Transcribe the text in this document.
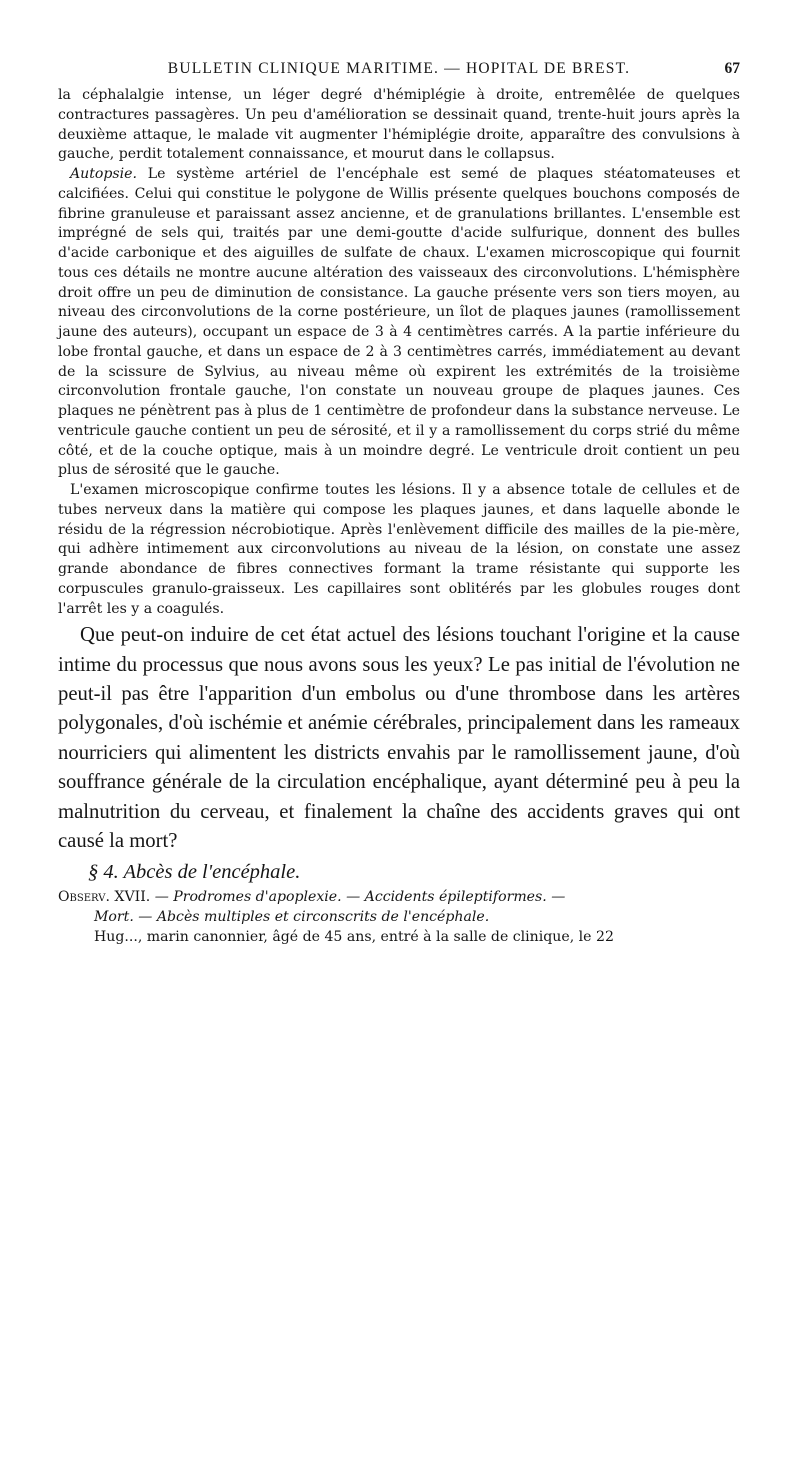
BULLETIN CLINIQUE MARITIME. — HOPITAL DE BREST.	67

la céphalalgie intense, un léger degré d'hémiplégie à droite, entremêlée de quelques contractures passagères. Un peu d'amélioration se dessinait quand, trente-huit jours après la deuxième attaque, le malade vit augmenter l'hémiplégie droite, apparaître des convulsions à gauche, perdit totalement connaissance, et mourut dans le collapsus.

Autopsie. Le système artériel de l'encéphale est semé de plaques stéatomateuses et calcifiées. Celui qui constitue le polygone de Willis présente quelques bouchons composés de fibrine granuleuse et paraissant assez ancienne, et de granulations brillantes. L'ensemble est imprégné de sels qui, traités par une demi-goutte d'acide sulfurique, donnent des bulles d'acide carbonique et des aiguilles de sulfate de chaux. L'examen microscopique qui fournit tous ces détails ne montre aucune altération des vaisseaux des circonvolutions. L'hémisphère droit offre un peu de diminution de consistance. La gauche présente vers son tiers moyen, au niveau des circonvolutions de la corne postérieure, un îlot de plaques jaunes (ramollissement jaune des auteurs), occupant un espace de 3 à 4 centimètres carrés. A la partie inférieure du lobe frontal gauche, et dans un espace de 2 à 3 centimètres carrés, immédiatement au devant de la scissure de Sylvius, au niveau même où expirent les extrémités de la troisième circonvolution frontale gauche, l'on constate un nouveau groupe de plaques jaunes. Ces plaques ne pénètrent pas à plus de 1 centimètre de profondeur dans la substance nerveuse. Le ventricule gauche contient un peu de sérosité, et il y a ramollissement du corps strié du même côté, et de la couche optique, mais à un moindre degré. Le ventricule droit contient un peu plus de sérosité que le gauche.

L'examen microscopique confirme toutes les lésions. Il y a absence totale de cellules et de tubes nerveux dans la matière qui compose les plaques jaunes, et dans laquelle abonde le résidu de la régression nécrobiotique. Après l'enlèvement difficile des mailles de la pie-mère, qui adhère intimement aux circonvolutions au niveau de la lésion, on constate une assez grande abondance de fibres connectives formant la trame résistante qui supporte les corpuscules granulo-graisseux. Les capillaires sont oblitérés par les globules rouges dont l'arrêt les y a coagulés.

Que peut-on induire de cet état actuel des lésions touchant l'origine et la cause intime du processus que nous avons sous les yeux? Le pas initial de l'évolution ne peut-il pas être l'apparition d'un embolus ou d'une thrombose dans les artères polygonales, d'où ischémie et anémie cérébrales, principalement dans les rameaux nourriciers qui alimentent les districts envahis par le ramollissement jaune, d'où souffrance générale de la circulation encéphalique, ayant déterminé peu à peu la malnutrition du cerveau, et finalement la chaîne des accidents graves qui ont causé la mort?

§ 4. Abcès de l'encéphale.

Observ. XVII. — Prodromes d'apoplexie. — Accidents épileptiformes. —

Mort. — Abcès multiples et circonscrits de l'encéphale.

Hug..., marin canonnier, âgé de 45 ans, entré à la salle de clinique, le 22
